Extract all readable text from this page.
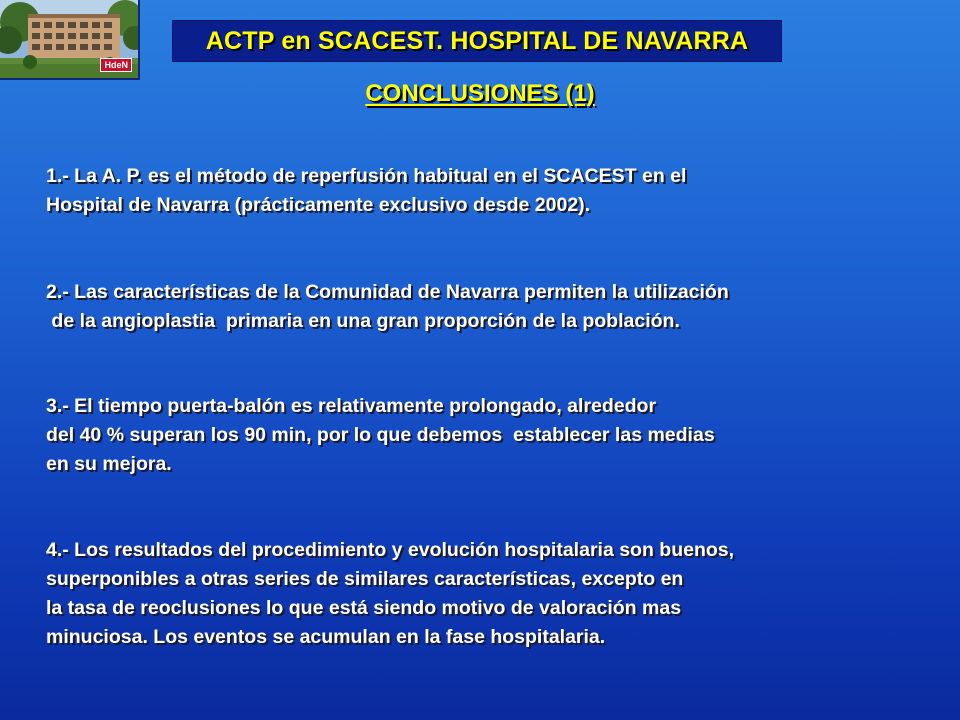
HdeN
ACTP en SCACEST. HOSPITAL DE NAVARRA
CONCLUSIONES (1)
1.- La A. P. es el método de reperfusión habitual en el SCACEST en el
Hospital de Navarra (prácticamente exclusivo desde 2002).
2.- Las características de la Comunidad de Navarra permiten la utilización
de la angioplastia  primaria en una gran proporción de la población.
3.- El tiempo puerta-balón es relativamente prolongado, alrededor
del 40 % superan los 90 min, por lo que debemos  establecer las medias
en su mejora.
4.- Los resultados del procedimiento y evolución hospitalaria son buenos,
superponibles a otras series de similares características, excepto en
la tasa de reoclusiones lo que está siendo motivo de valoración mas
minuciosa. Los eventos se acumulan en la fase hospitalaria.
